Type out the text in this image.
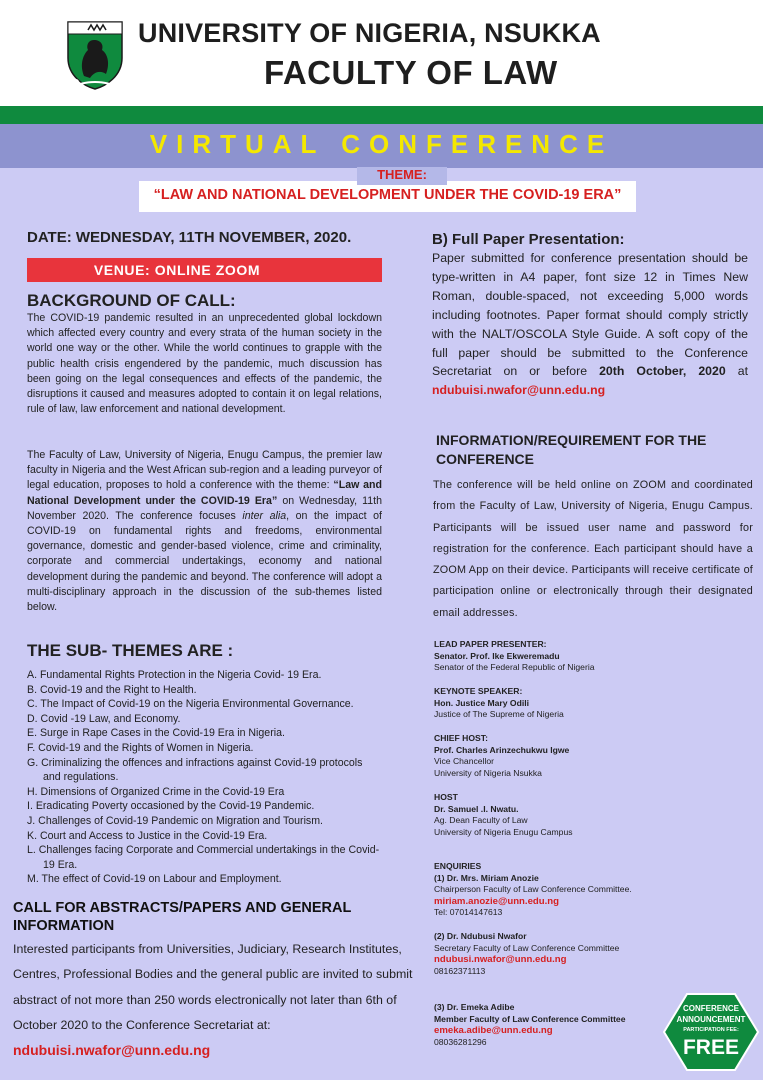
UNIVERSITY OF NIGERIA, NSUKKA
FACULTY OF LAW
VIRTUAL CONFERENCE
THEME:
“LAW AND NATIONAL DEVELOPMENT UNDER THE COVID-19 ERA”
DATE: WEDNESDAY, 11TH NOVEMBER, 2020.
VENUE: ONLINE ZOOM
BACKGROUND OF CALL:
The COVID-19 pandemic resulted in an unprecedented global lockdown which affected every country and every strata of the human society in the world one way or the other. While the world continues to grapple with the public health crisis engendered by the pandemic, much discussion has been going on the legal consequences and effects of the pandemic, the disruptions it caused and measures adopted to contain it on legal relations, rule of law, law enforcement and national development.
The Faculty of Law, University of Nigeria, Enugu Campus, the premier law faculty in Nigeria and the West African sub-region and a leading purveyor of legal education, proposes to hold a conference with the theme: “Law and National Development under the COVID-19 Era” on Wednesday, 11th November 2020. The conference focuses inter alia, on the impact of COVID-19 on fundamental rights and freedoms, environmental governance, domestic and gender-based violence, crime and criminality, corporate and commercial undertakings, economy and national development during the pandemic and beyond. The conference will adopt a multi-disciplinary approach in the discussion of the sub-themes listed below.
THE SUB- THEMES ARE :
A. Fundamental Rights Protection in the Nigeria Covid- 19 Era.
B. Covid-19 and the Right to Health.
C. The Impact of Covid-19 on the Nigeria Environmental Governance.
D. Covid -19 Law, and Economy.
E. Surge in Rape Cases in the Covid-19 Era in Nigeria.
F. Covid-19 and the Rights of Women in Nigeria.
G. Criminalizing the offences and infractions against Covid-19 protocols and regulations.
H. Dimensions of Organized Crime in the Covid-19 Era
I. Eradicating Poverty occasioned by the Covid-19 Pandemic.
J. Challenges of Covid-19 Pandemic on Migration and Tourism.
K. Court and Access to Justice in the Covid-19 Era.
L. Challenges facing Corporate and Commercial undertakings in the Covid-19 Era.
M. The effect of Covid-19 on Labour and Employment.
CALL FOR ABSTRACTS/PAPERS AND GENERAL INFORMATION
Interested participants from Universities, Judiciary, Research Institutes, Centres, Professional Bodies and the general public are invited to submit abstract of not more than 250 words electronically not later than 6th of October 2020 to the Conference Secretariat at: ndubuisi.nwafor@unn.edu.ng
B) Full Paper Presentation:
Paper submitted for conference presentation should be type-written in A4 paper, font size 12 in Times New Roman, double-spaced, not exceeding 5,000 words including footnotes. Paper format should comply strictly with the NALT/OSCOLA Style Guide. A soft copy of the full paper should be submitted to the Conference Secretariat on or before 20th October, 2020 at ndubuisi.nwafor@unn.edu.ng
INFORMATION/REQUIREMENT FOR THE CONFERENCE
The conference will be held online on ZOOM and coordinated from the Faculty of Law, University of Nigeria, Enugu Campus. Participants will be issued user name and password for registration for the conference. Each participant should have a ZOOM App on their device. Participants will receive certificate of participation online or electronically through their designated email addresses.
LEAD PAPER PRESENTER:
Senator. Prof. Ike Ekweremadu
Senator of the Federal Republic of Nigeria
KEYNOTE SPEAKER:
Hon. Justice Mary Odili
Justice of The Supreme of Nigeria
CHIEF HOST:
Prof. Charles Arinzechukwu Igwe
Vice Chancellor
University of Nigeria Nsukka
HOST
Dr. Samuel .I. Nwatu.
Ag. Dean Faculty of Law
University of Nigeria Enugu Campus
ENQUIRIES
(1) Dr. Mrs. Miriam Anozie
Chairperson Faculty of Law Conference Committee.
miriam.anozie@unn.edu.ng
Tel: 07014147613
(2) Dr. Ndubusi Nwafor
Secretary Faculty of Law Conference Committee
ndubusi.nwafor@unn.edu.ng
08162371113
(3) Dr. Emeka Adibe
Member Faculty of Law Conference Committee
emeka.adibe@unn.edu.ng
08036281296
CONFERENCE
ANNOUNCEMENT
PARTICIPATION FEE:
FREE
